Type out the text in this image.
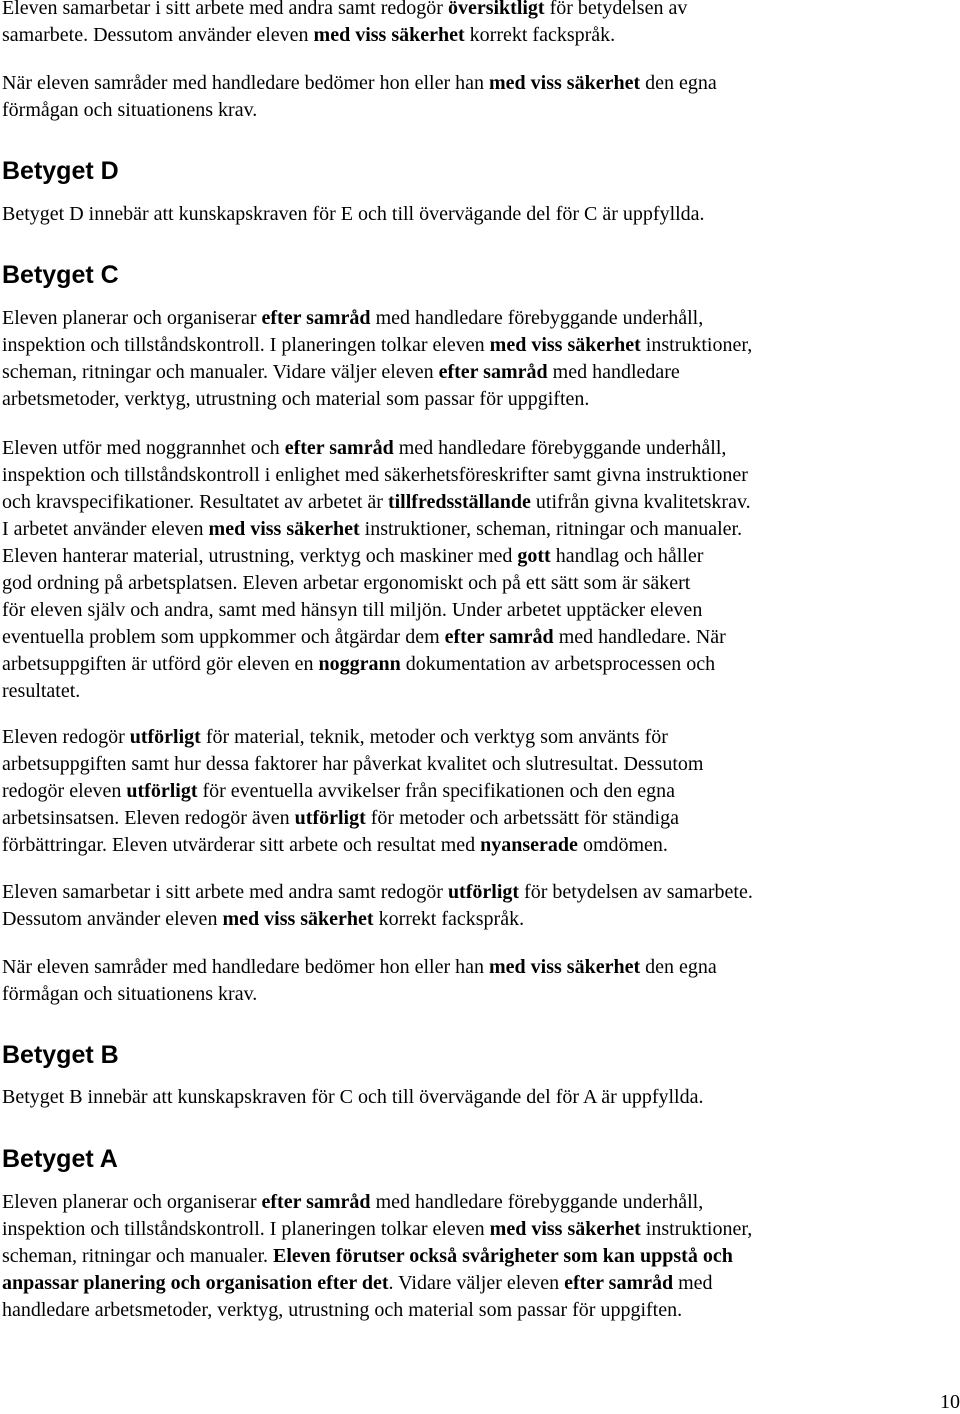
Eleven samarbetar i sitt arbete med andra samt redogör översiktligt för betydelsen av
samarbete. Dessutom använder eleven med viss säkerhet korrekt fackspråk.
När eleven samråder med handledare bedömer hon eller han med viss säkerhet den egna
förmågan och situationens krav.
Betyget D
Betyget D innebär att kunskapskraven för E och till övervägande del för C är uppfyllda.
Betyget C
Eleven planerar och organiserar efter samråd med handledare förebyggande underhåll,
inspektion och tillståndskontroll. I planeringen tolkar eleven med viss säkerhet instruktioner,
scheman, ritningar och manualer. Vidare väljer eleven efter samråd med handledare
arbetsmetoder, verktyg, utrustning och material som passar för uppgiften.
Eleven utför med noggrannhet och efter samråd med handledare förebyggande underhåll,
inspektion och tillståndskontroll i enlighet med säkerhetsföreskrifter samt givna instruktioner
och kravspecifikationer. Resultatet av arbetet är tillfredsställande utifrån givna kvalitetskrav.
I arbetet använder eleven med viss säkerhet instruktioner, scheman, ritningar och manualer.
Eleven hanterar material, utrustning, verktyg och maskiner med gott handlag och håller
god ordning på arbetsplatsen. Eleven arbetar ergonomiskt och på ett sätt som är säkert
för eleven själv och andra, samt med hänsyn till miljön. Under arbetet upptäcker eleven
eventuella problem som uppkommer och åtgärdar dem efter samråd med handledare. När
arbetsuppgiften är utförd gör eleven en noggrann dokumentation av arbetsprocessen och
resultatet.
Eleven redogör utförligt för material, teknik, metoder och verktyg som använts för
arbetsuppgiften samt hur dessa faktorer har påverkat kvalitet och slutresultat. Dessutom
redogör eleven utförligt för eventuella avvikelser från specifikationen och den egna
arbetsinsatsen. Eleven redogör även utförligt för metoder och arbetssätt för ständiga
förbättringar. Eleven utvärderar sitt arbete och resultat med nyanserade omdömen.
Eleven samarbetar i sitt arbete med andra samt redogör utförligt för betydelsen av samarbete.
Dessutom använder eleven med viss säkerhet korrekt fackspråk.
När eleven samråder med handledare bedömer hon eller han med viss säkerhet den egna
förmågan och situationens krav.
Betyget B
Betyget B innebär att kunskapskraven för C och till övervägande del för A är uppfyllda.
Betyget A
Eleven planerar och organiserar efter samråd med handledare förebyggande underhåll,
inspektion och tillståndskontroll. I planeringen tolkar eleven med viss säkerhet instruktioner,
scheman, ritningar och manualer. Eleven förutser också svårigheter som kan uppstå och
anpassar planering och organisation efter det. Vidare väljer eleven efter samråd med
handledare arbetsmetoder, verktyg, utrustning och material som passar för uppgiften.
10
